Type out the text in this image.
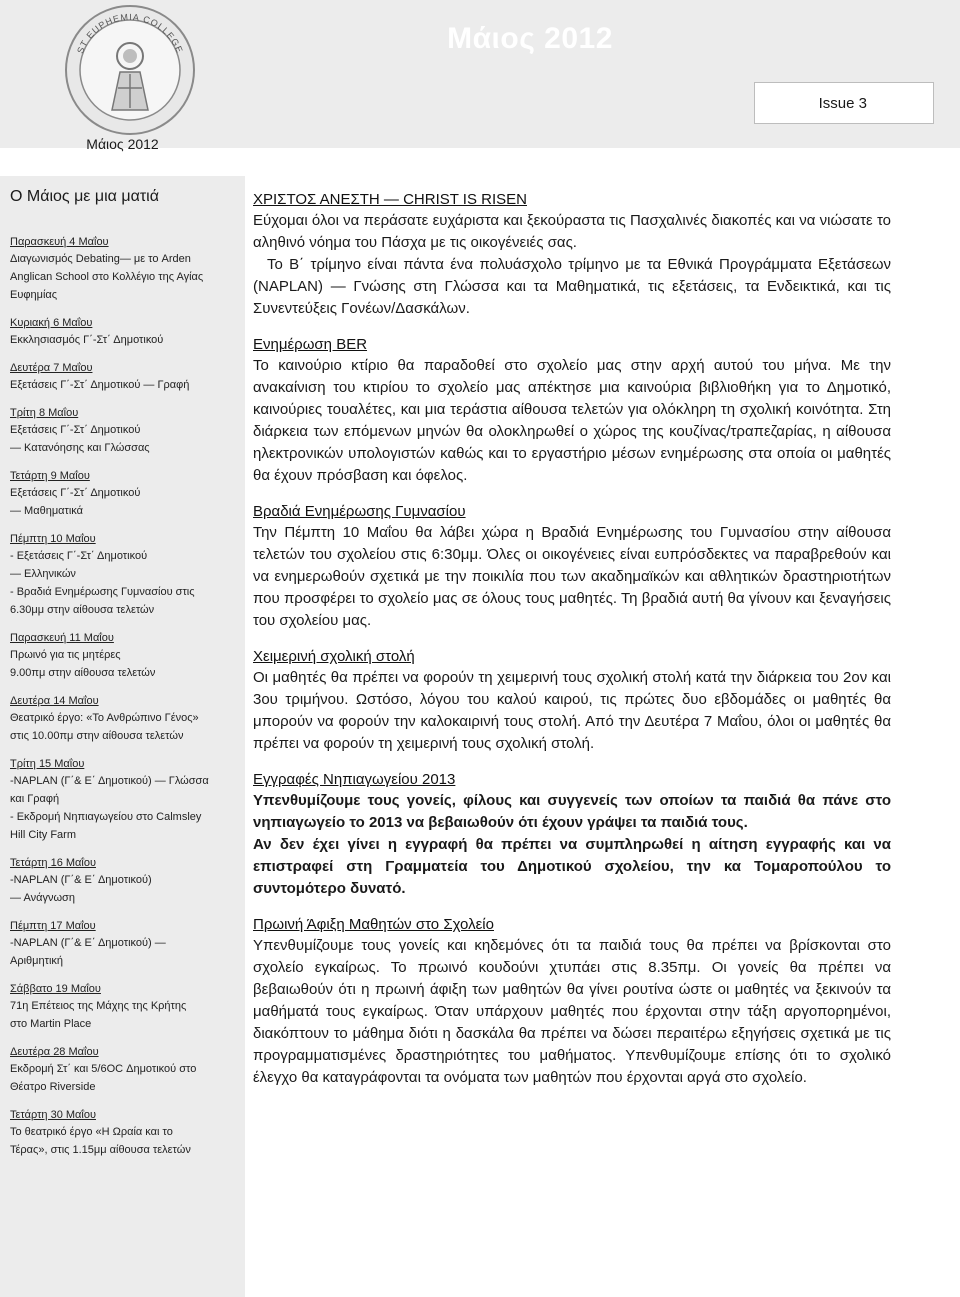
ST EUPHEMIA COLLEGE	Μάιος 2012
Issue 3
Μάιος 2012
Ο Μάιος με μια ματιά
Παρασκευή 4 Μαΐου
Διαγωνισμός Debating— με το Arden
Anglican School στο Κολλέγιο της Αγίας
Ευφημίας
Κυριακή 6 Μαΐου
Εκκλησιασμός Γ΄-Στ΄ Δημοτικού
Δευτέρα 7 Μαΐου
Εξετάσεις Γ΄-Στ΄ Δημοτικού — Γραφή
Τρίτη 8 Μαΐου
Εξετάσεις Γ΄-Στ΄ Δημοτικού
— Κατανόησης και Γλώσσας
Τετάρτη 9 Μαΐου
Εξετάσεις Γ΄-Στ΄ Δημοτικού
— Μαθηματικά
Πέμπτη 10 Μαΐου
- Εξετάσεις Γ΄-Στ΄ Δημοτικού
— Ελληνικών
- Βραδιά Ενημέρωσης Γυμνασίου στις
6.30μμ στην αίθουσα τελετών
Παρασκευή 11 Μαΐου
Πρωινό για τις μητέρες
9.00πμ στην αίθουσα τελετών
Δευτέρα 14 Μαΐου
Θεατρικό έργο: «Το Ανθρώπινο Γένος»
στις 10.00πμ στην αίθουσα τελετών
Τρίτη 15 Μαΐου
-NAPLAN (Γ΄& Ε΄ Δημοτικού) — Γλώσσα
και Γραφή
- Εκδρομή Νηπιαγωγείου στο Calmsley
Hill City Farm
Τετάρτη 16 Μαΐου
-NAPLAN (Γ΄& Ε΄ Δημοτικού)
— Ανάγνωση
Πέμπτη 17 Μαΐου
-NAPLAN (Γ΄& Ε΄ Δημοτικού) —
Αριθμητική
Σάββατο 19 Μαΐου
71η Επέτειος της Μάχης της Κρήτης
στο Martin Place
Δευτέρα 28 Μαΐου
Εκδρομή Στ΄ και 5/6ΟC Δημοτικού στο
Θέατρο Riverside
Τετάρτη 30 Μαΐου
Το θεατρικό έργο «Η Ωραία και το
Τέρας», στις 1.15μμ αίθουσα τελετών
ΧΡΙΣΤΟΣ ΑΝΕΣΤΗ — CHRIST IS RISEN
Εύχομαι όλοι να περάσατε ευχάριστα και ξεκούραστα τις Πασχαλινές διακοπές και να νιώσατε το αληθινό νόημα του Πάσχα με τις οικογένειές σας.
Το Β΄ τρίμηνο είναι πάντα ένα πολυάσχολο τρίμηνο με τα Εθνικά Προγράμματα Εξετάσεων (NAPLAN) — Γνώσης στη Γλώσσα και τα Μαθηματικά, τις εξετάσεις, τα Ενδεικτικά, και τις Συνεντεύξεις Γονέων/Δασκάλων.
Ενημέρωση BER
Το καινούριο κτίριο θα παραδοθεί στο σχολείο μας στην αρχή αυτού του μήνα. Με την ανακαίνιση του κτιρίου το σχολείο μας απέκτησε μια καινούρια βιβλιοθήκη για το Δημοτικό, καινούριες τουαλέτες, και μια τεράστια αίθουσα τελετών για ολόκληρη τη σχολική κοινότητα. Στη διάρκεια των επόμενων μηνών θα ολοκληρωθεί ο χώρος της κουζίνας/τραπεζαρίας, η αίθουσα ηλεκτρονικών υπολογιστών καθώς και το εργαστήριο μέσων ενημέρωσης στα οποία οι μαθητές θα έχουν πρόσβαση και όφελος.
Βραδιά Ενημέρωσης Γυμνασίου
Την Πέμπτη 10 Μαΐου θα λάβει χώρα η Βραδιά Ενημέρωσης του Γυμνασίου στην αίθουσα τελετών του σχολείου στις 6:30μμ. Όλες οι οικογένειες είναι ευπρόσδεκτες να παραβρεθούν και να ενημερωθούν σχετικά με την ποικιλία που των ακαδημαϊκών και αθλητικών δραστηριοτήτων που προσφέρει το σχολείο μας σε όλους τους μαθητές. Τη βραδιά αυτή θα γίνουν και ξεναγήσεις του σχολείου μας.
Χειμερινή σχολική στολή
Οι μαθητές θα πρέπει να φορούν τη χειμερινή τους σχολική στολή κατά την διάρκεια του 2ον και 3ου τριμήνου. Ωστόσο, λόγου του καλού καιρού, τις πρώτες δυο εβδομάδες οι μαθητές θα μπορούν να φορούν την καλοκαιρινή τους στολή. Από την Δευτέρα 7 Μαΐου, όλοι οι μαθητές θα πρέπει να φορούν τη χειμερινή τους σχολική στολή.
Εγγραφές Νηπιαγωγείου 2013
Υπενθυμίζουμε τους γονείς, φίλους και συγγενείς των οποίων τα παιδιά θα πάνε στο νηπιαγωγείο το 2013 να βεβαιωθούν ότι έχουν γράψει τα παιδιά τους.
Αν δεν έχει γίνει η εγγραφή θα πρέπει να συμπληρωθεί η αίτηση εγγραφής και να επιστραφεί στη Γραμματεία του Δημοτικού σχολείου, την κα Τομαροπούλου το συντομότερο δυνατό.
Πρωινή Άφιξη Μαθητών στο Σχολείο
Υπενθυμίζουμε τους γονείς και κηδεμόνες ότι τα παιδιά τους θα πρέπει να βρίσκονται στο σχολείο εγκαίρως. Το πρωινό κουδούνι χτυπάει στις 8.35πμ. Οι γονείς θα πρέπει να βεβαιωθούν ότι η πρωινή άφιξη των μαθητών θα γίνει ρουτίνα ώστε οι μαθητές να ξεκινούν τα μαθήματά τους εγκαίρως. Όταν υπάρχουν μαθητές που έρχονται στην τάξη αργοπορημένοι, διακόπτουν το μάθημα διότι η δασκάλα θα πρέπει να δώσει περαιτέρω εξηγήσεις σχετικά με τις προγραμματισμένες δραστηριότητες του μαθήματος. Υπενθυμίζουμε επίσης ότι το σχολικό έλεγχο θα καταγράφονται τα ονόματα των μαθητών που έρχονται αργά στο σχολείο.
